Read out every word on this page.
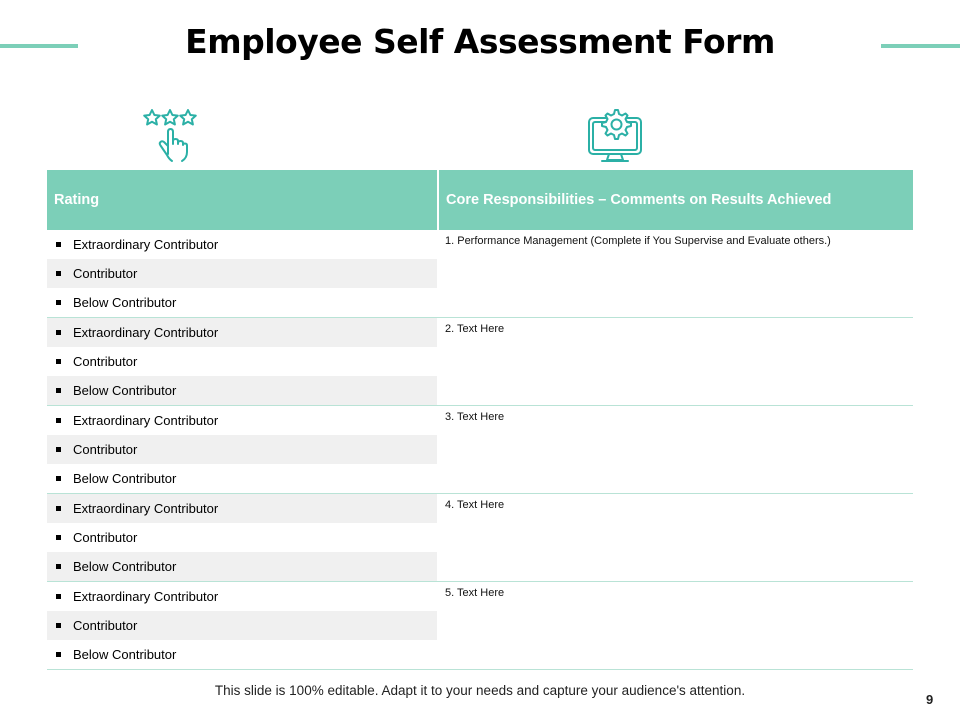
Employee Self Assessment Form
Rating	Core Responsibilities – Comments on Results Achieved
Extraordinary Contributor
Contributor
Below Contributor
1. Performance Management (Complete if You Supervise and Evaluate others.)
Extraordinary Contributor
Contributor
Below Contributor
2. Text Here
Extraordinary Contributor
Contributor
Below Contributor
3. Text Here
Extraordinary Contributor
Contributor
Below Contributor
4. Text Here
Extraordinary Contributor
Contributor
Below Contributor
5. Text Here
This slide is 100% editable. Adapt it to your needs and capture your audience's attention.
9
